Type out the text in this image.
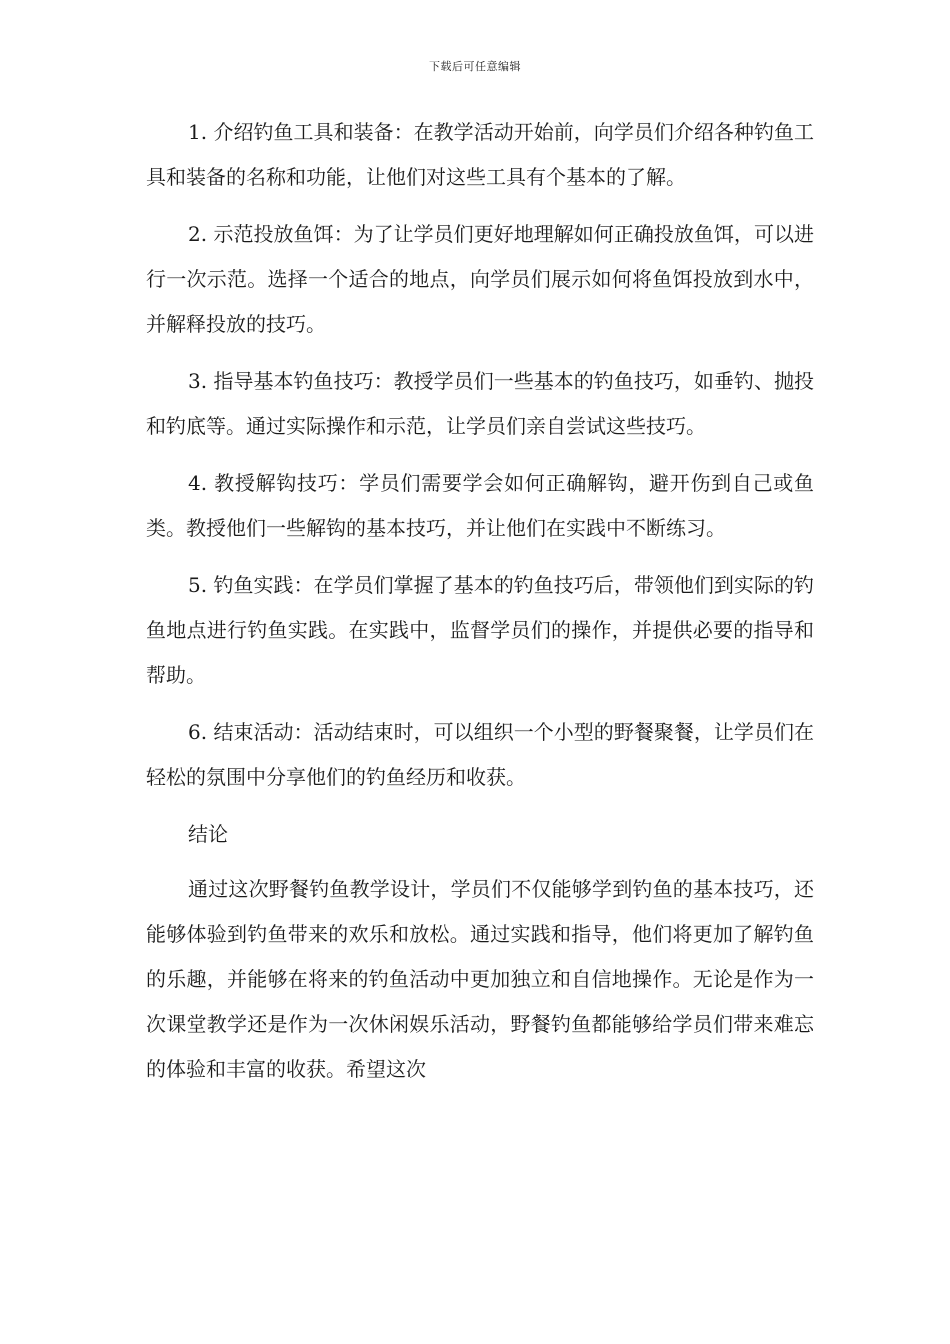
下载后可任意编辑

1. 介绍钓鱼工具和装备：在教学活动开始前，向学员们介绍各种钓鱼工具和装备的名称和功能，让他们对这些工具有个基本的了解。

2. 示范投放鱼饵：为了让学员们更好地理解如何正确投放鱼饵，可以进行一次示范。选择一个适合的地点，向学员们展示如何将鱼饵投放到水中，并解释投放的技巧。

3. 指导基本钓鱼技巧：教授学员们一些基本的钓鱼技巧，如垂钓、抛投和钓底等。通过实际操作和示范，让学员们亲自尝试这些技巧。

4. 教授解钩技巧：学员们需要学会如何正确解钩，避开伤到自己或鱼类。教授他们一些解钩的基本技巧，并让他们在实践中不断练习。

5. 钓鱼实践：在学员们掌握了基本的钓鱼技巧后，带领他们到实际的钓鱼地点进行钓鱼实践。在实践中，监督学员们的操作，并提供必要的指导和帮助。

6. 结束活动：活动结束时，可以组织一个小型的野餐聚餐，让学员们在轻松的氛围中分享他们的钓鱼经历和收获。

结论

通过这次野餐钓鱼教学设计，学员们不仅能够学到钓鱼的基本技巧，还能够体验到钓鱼带来的欢乐和放松。通过实践和指导，他们将更加了解钓鱼的乐趣，并能够在将来的钓鱼活动中更加独立和自信地操作。无论是作为一次课堂教学还是作为一次休闲娱乐活动，野餐钓鱼都能够给学员们带来难忘的体验和丰富的收获。希望这次
